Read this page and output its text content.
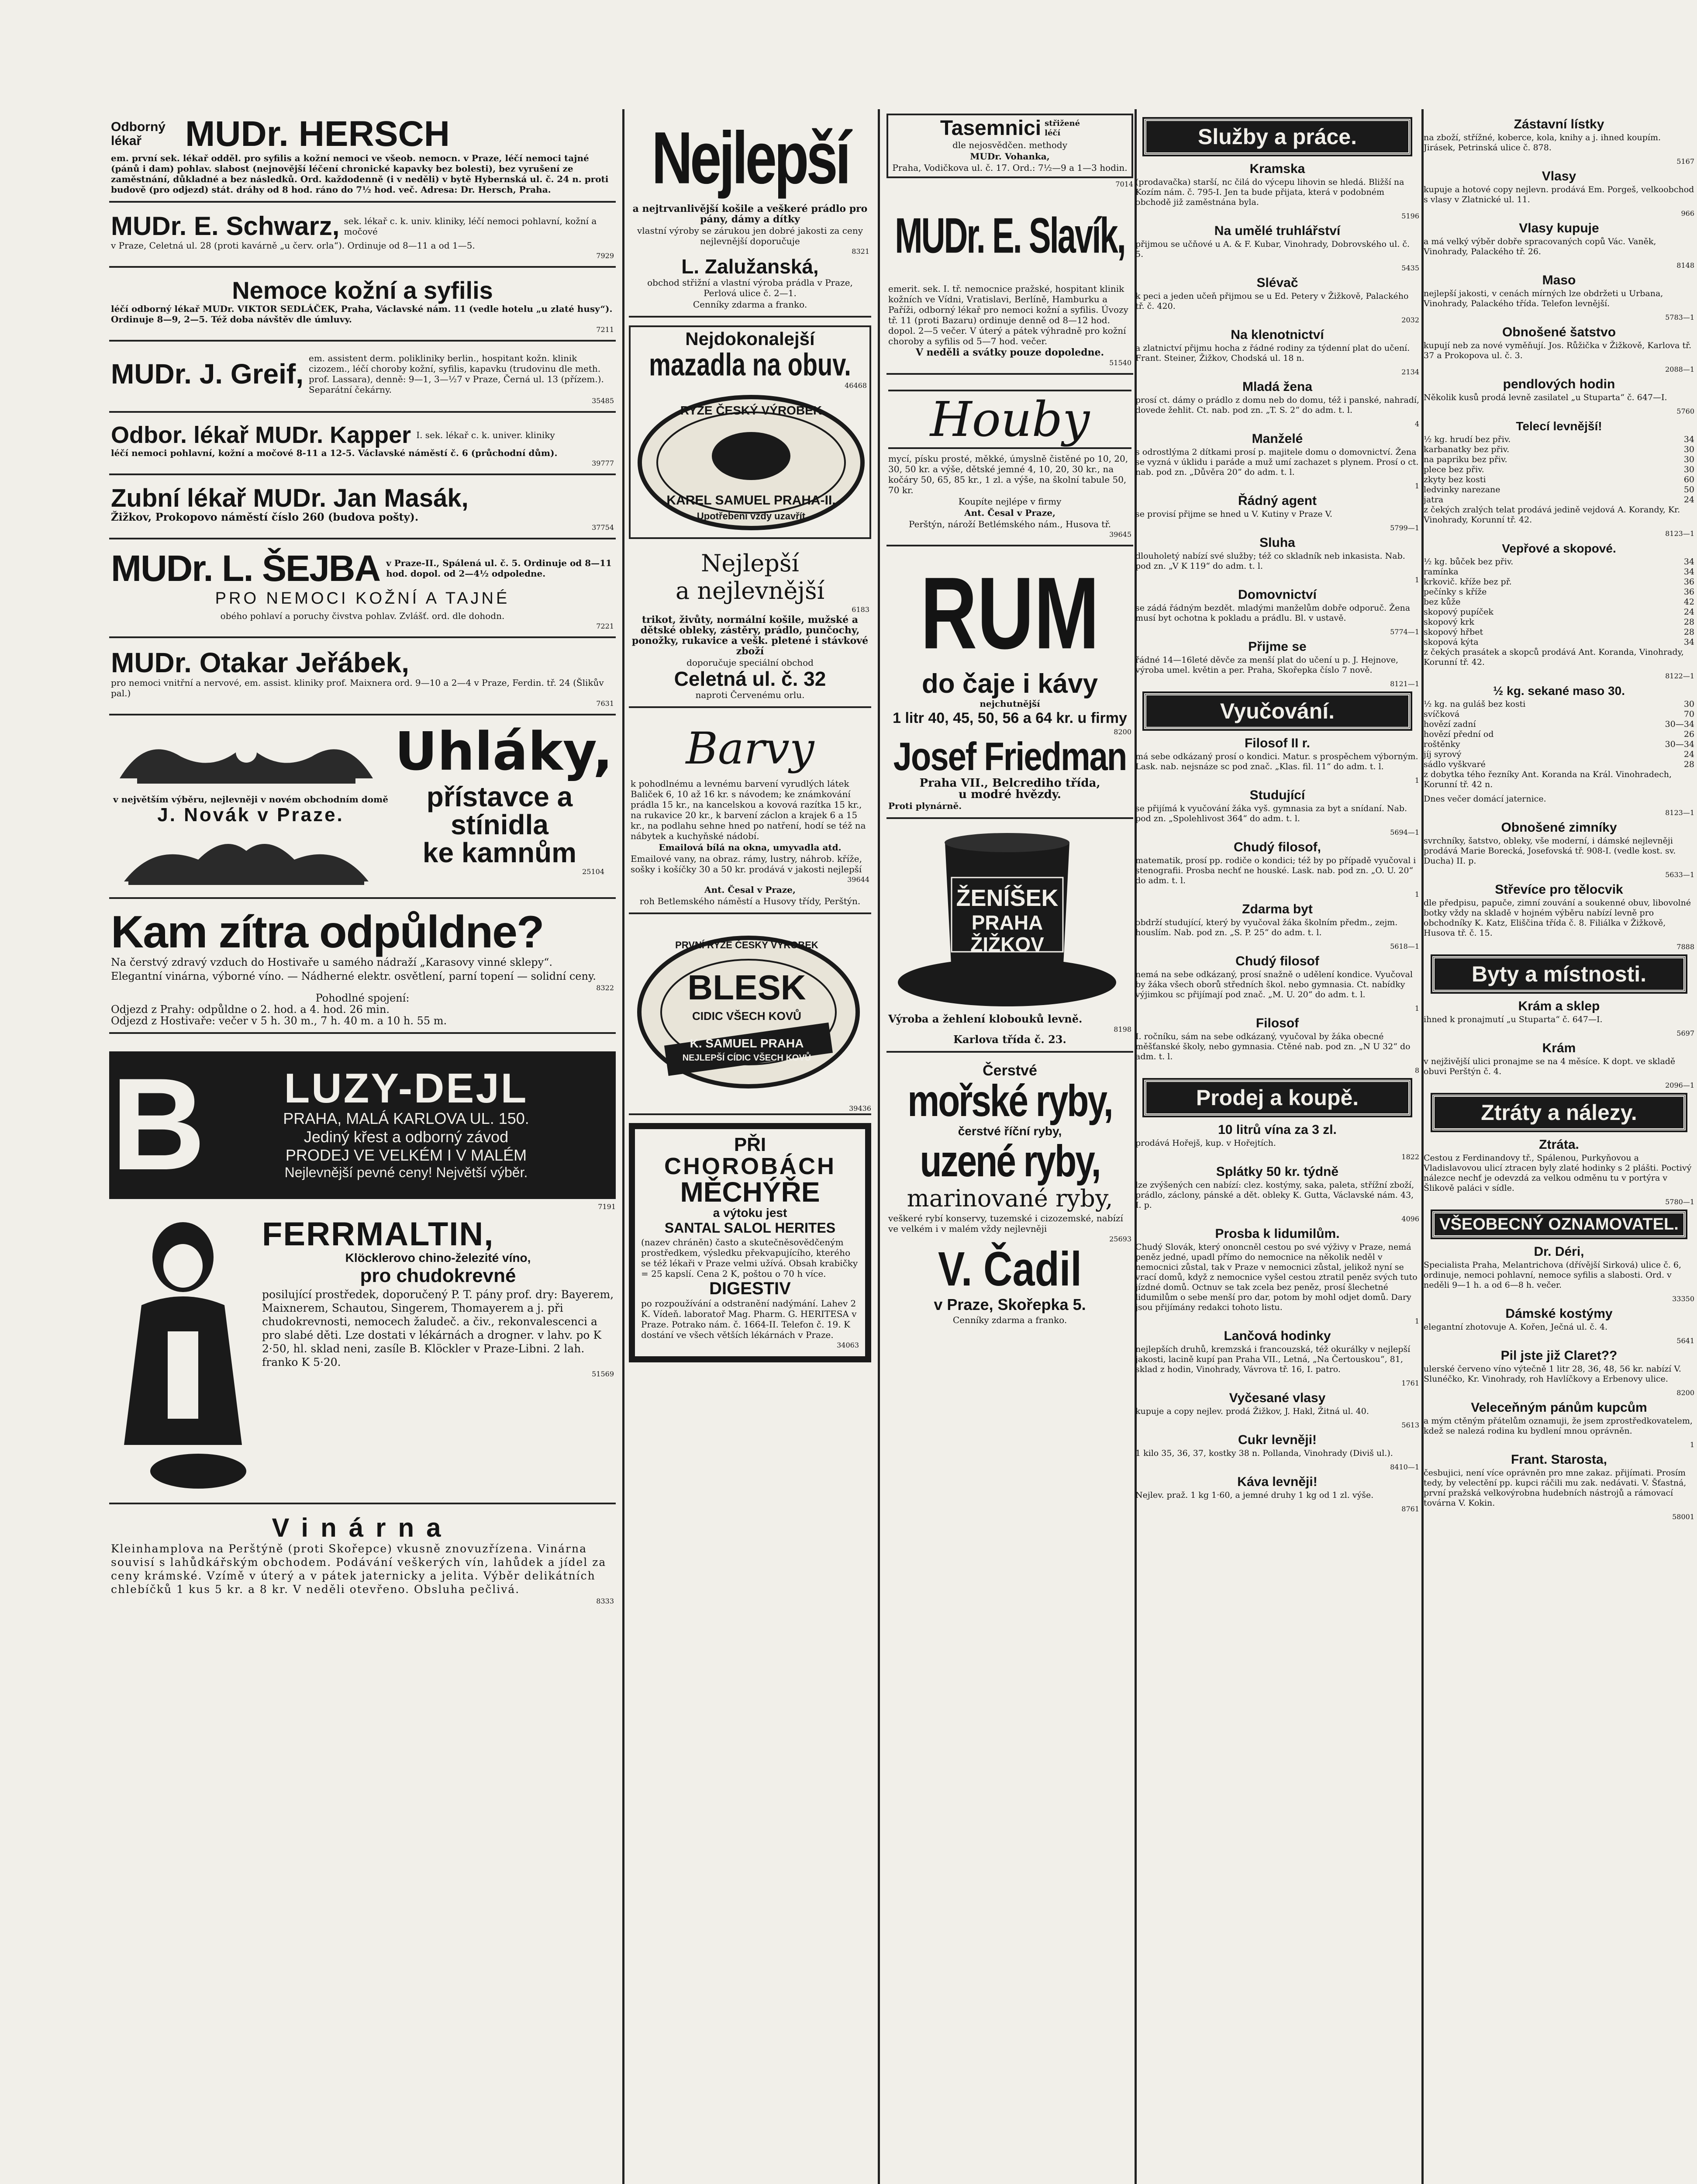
Odborný lékař	MUDr. HERSCH
em. první sek. lékař odděl. pro syfilis a kožní nemoci ve všeob. nemocn. v Praze, léčí nemoci tajné (pánů i dam) pohlav. slabost (nejnovější léčení chronické kapavky bez bolesti), bez vyrušení ze zaměstnání, důkladné a bez následků. Ord. každodenně (i v neděli) v bytě Hybernská ul. č. 24 n. proti budově (pro odjezd) stát. dráhy od 8 hod. ráno do 7½ hod. več. Adresa: Dr. Hersch, Praha.
MUDr. E. Schwarz, sek. lékař c. k. univ. kliniky, léčí nemoci pohlavní, kožní a močové
v Praze, Celetná ul. 28 (proti kavárně „u červ. orla“). Ordinuje od 8—11 a od 1—5.
7929
Nemoce kožní a syfilis
léčí odborný lékař MUDr. VIKTOR SEDLÁČEK, Praha, Václavské nám. 11 (vedle hotelu „u zlaté husy“). Ordinuje 8—9, 2—5. Též doba návštěv dle úmluvy.
7211
MUDr. J. Greif, em. assistent derm. polikliniky berlin., hospitant kožn. klinik cizozem., léčí choroby kožní, syfilis, kapavku (trudovinu dle meth. prof. Lassara), denně: 9—1, 3—½7 v Praze, Černá ul. 13 (přízem.). Separátní čekárny.
35485
Odbor. lékař MUDr. Kapper I. sek. lékař c. k. univer. kliniky
léčí nemoci pohlavní, kožní a močové 8-11 a 12-5. Václavské náměstí č. 6 (průchodní dům).
39777
Zubní lékař MUDr. Jan Masák,
Žižkov, Prokopovo náměstí číslo 260 (budova pošty).
37754
MUDr. L. ŠEJBA v Praze-II., Spálená ul. č. 5. Ordinuje od 8—11 hod. dopol. od 2—4½ odpoledne.
PRO NEMOCI KOŽNÍ A TAJNÉ
obého pohlaví a poruchy čivstva pohlav. Zvlášť. ord. dle dohodn.
7221
MUDr. Otakar Jeřábek,
pro nemoci vnitřní a nervové, em. assist. kliniky prof. Maixnera ord. 9—10 a 2—4 v Praze, Ferdin. tř. 24 (Šlikův pal.)
7631
v největším výběru, nejlevněji v novém obchodním domě
J. Novák v Praze.
Uhláky,
přístavce a
stínidla
ke kamnům
25104
Kam zítra odpůldne?
Na čerstvý zdravý vzduch do Hostivaře u samého nádraží „Karasovy vinné sklepy“.
Elegantní vinárna, výborné víno. — Nádherné elektr. osvětlení, parní topení — solidní ceny.
8322
Pohodlné spojení:
Odjezd z Prahy: odpůldne o 2. hod. a 4. hod. 26 min.
Odjezd z Hostivaře: večer v 5 h. 30 m., 7 h. 40 m. a 10 h. 55 m.
B	LUZY-DEJL
PRAHA, MALÁ KARLOVA UL. 150.
Jediný křest a odborný závod
PRODEJ VE VELKÉM I V MALÉM
Nejlevnější pevné ceny! Největší výběr.
7191
FERRMALTIN,
Klöcklerovo chino-železité víno,
pro chudokrevné
posilující prostředek, doporučený P. T. pány prof. dry: Bayerem, Maixnerem, Schautou, Singerem, Thomayerem a j. při chudokrevnosti, nemocech žaludeč. a čiv., rekonvalescenci a pro slabé děti. Lze dostati v lékárnách a drogner. v lahv. po K 2·50, hl. sklad neni, zasíle B. Klöckler v Praze-Libni. 2 lah. franko K 5·20.
51569
Vinárna
Kleinhamplova na Perštýně (proti Skořepce) vkusně znovuzřízena. Vinárna souvisí s lahůdkářským obchodem. Podávání veškerých vín, lahůdek a jídel za ceny krámské. Vzímě v úterý a v pátek jaternicky a jelita. Výběr delikátních chlebíčků 1 kus 5 kr. a 8 kr. V neděli otevřeno. Obsluha pečlivá.
8333
Nejlepší
a nejtrvanlivější košile a veškeré prádlo pro pány, dámy a dítky
vlastní výroby se zárukou jen dobré jakosti za ceny nejlevnější doporučuje
8321
L. Zalužanská,
obchod střižní a vlastní výroba prádla v Praze, Perlová ulice č. 2—1.
Cenníky zdarma a franko.
Nejdokonalejší
mazadla na obuv.
46468
RYZE ČESKÝ VÝROBEK
KAREL SAMUEL PRAHA-II.
Upotřebení vždy uzavřít
Nejlepší
a nejlevnější
6183
trikot, živůty, normální košile, mužské a dětské obleky, zástěry, prádlo, punčochy, ponožky, rukavice a vešk. pletené i stávkové zboží
doporučuje speciální obchod
Celetná ul. č. 32
naproti Červenému orlu.
Barvy
k pohodlnému a levnému barvení vyrudlých látek Baliček 6, 10 až 16 kr. s návodem; ke známkování prádla 15 kr., na kancelskou a kovová razítka 15 kr., na rukavice 20 kr., k barvení záclon a krajek 6 a 15 kr., na podlahu sehne hned po natření, hodí se též na nábytek a kuchyňské nádobí.
Emailová bílá na okna, umyvadla atd.
Emailové vany, na obraz. rámy, lustry, náhrob. kříže, sošky i košíčky 30 a 50 kr. prodává v jakosti nejlepší
39644
Ant. Česal v Praze,
roh Betlemského náměstí a Husovy třídy, Perštýn.
PRVNÍ RYZE ČESKÝ VÝROBEK
BLESK
CIDIC VŠECH KOVŮ
K. SAMUEL PRAHA
NEJLEPŠÍ CÍDIC VŠECH KOVŮ
39436
PŘI
CHOROBÁCH
MĚCHÝŘE
a výtoku jest
SANTAL SALOL HERITES
(nazev chráněn) často a skutečněsovědčeným prostředkem, výsledku překvapujícího, kterého se též lékaři v Praze velmi užívá. Obsah krabičky = 25 kapslí. Cena 2 K, poštou o 70 h více.
DIGESTIV
po rozpoužívání a odstranění nadýmání. Lahev 2 K. Vídeň. laboratoř Mag. Pharm. G. HERITESA v Praze. Potrako nám. č. 1664-II. Telefon č. 19. K dostání ve všech větších lékárnách v Praze.
34063
Tasemnici střižené léčí
dle nejosvědčen. methody
MUDr. Vohanka,
Praha, Vodičkova ul. č. 17. Ord.: 7½—9 a 1—3 hodin.
7014
MUDr. E. Slavík,
emerit. sek. I. tř. nemocnice pražské, hospitant klinik kožních ve Vídni, Vratislavi, Berlíně, Hamburku a Paříži, odborný lékař pro nemoci kožní a syfilis. Úvozy tř. 11 (proti Bazaru) ordinuje denně od 8—12 hod. dopol. 2—5 večer. V úterý a pátek výhradně pro kožní choroby a syfilis od 5—7 hod. večer.
V neděli a svátky pouze dopoledne.
51540
Houby
mycí, písku prosté, měkké, úmyslně čistěné po 10, 20, 30, 50 kr. a výše, dětské jemné 4, 10, 20, 30 kr., na kočáry 50, 65, 85 kr., 1 zl. a výše, na školní tabule 50, 70 kr.
Koupíte nejlépe v firmy
Ant. Česal v Praze,
Perštýn, nároží Betlémského nám., Husova tř.
39645
RUM
do čaje i kávy
nejchutnější
1 litr 40, 45, 50, 56 a 64 kr. u firmy
8200
Josef Friedman
Praha VII., Belcrediho třída,
u modré hvězdy.
Proti plynárně.
ŽENÍŠEK
PRAHA
ŽIŽKOV
Výroba a žehlení klobouků levně.
8198
Karlova třída č. 23.
Čerstvé
mořské ryby,
čerstvé říční ryby,
uzené ryby,
marinované ryby,
veškeré rybí konservy, tuzemské i cizozemské, nabízí ve velkém i v malém vždy nejlevněji
25693
V. Čadil
v Praze, Skořepka 5.
Cenníky zdarma a franko.
Služby a práce.
Kramska
(prodavačka) starší, nc čilá do výcepu lihovin se hledá. Bližší na Kozím nám. č. 795-I. Jen ta bude přijata, která v podobném obchodě již zaměstnána byla.
5196
Na umělé truhlářství
přijmou se učňové u A. & F. Kubar, Vinohrady, Dobrovského ul. č. 5.
5435
Slévač
k peci a jeden učeň přijmou se u Ed. Petery v Žižkově, Palackého tř. č. 420.
2032
Na klenotnictví
a zlatnictví přijmu hocha z řádné rodiny za týdenní plat do učení. Frant. Steiner, Žižkov, Chodská ul. 18 n.
2134
Mladá žena
prosí ct. dámy o prádlo z domu neb do domu, též i panské, nahradí, dovede žehlit. Ct. nab. pod zn. „T. S. 2“ do adm. t. l.
4
Manželé
s odrostlýma 2 dítkami prosí p. majitele domu o domovnictví. Žena se vyzná v úklidu i paráde a muž umí zachazet s plynem. Prosí o ct. nab. pod zn. „Důvěra 20“ do adm. t. l.
1
Řádný agent
se provisí přijme se hned u V. Kutiny v Praze V.
5799—1
Sluha
dlouholetý nabízí své služby; též co skladník neb inkasista. Nab. pod zn. „V K 119“ do adm. t. l.
1
Domovnictví
se zádá řádným bezdět. mladými manželům dobře odporuč. Žena musí byt ochotna k pokladu a prádlu. Bl. v ustavě.
5774—1
Přijme se
řádné 14—16leté děvče za menší plat do učení u p. J. Hejnove, výroba umel. květin a per. Praha, Skořepka číslo 7 nově.
8121—1
Vyučování.
Filosof II r.
má sebe odkázaný prosí o kondici. Matur. s prospěchem výborným. Lask. nab. nejsnáze sc pod znač. „Klas. fil. 11“ do adm. t. l.
1
Studující
se přijímá k vyučování žáka vyš. gymnasia za byt a snídaní. Nab. pod zn. „Spolehlivost 364“ do adm. t. l.
5694—1
Chudý filosof,
matematik, prosí pp. rodiče o kondici; též by po případě vyučoval i stenografii. Prosba nechť ne houské. Lask. nab. pod zn. „O. U. 20“ do adm. t. l.
1
Zdarma byt
obdrží studující, který by vyučoval žáka školním předm., zejm. houslím. Nab. pod zn. „S. P. 25“ do adm. t. l.
5618—1
Chudý filosof
nemá na sebe odkázaný, prosí snažně o udělení kondice. Vyučoval by žáka všech oborů středních škol. nebo gymnasia. Ct. nabídky výjimkou sc přijímají pod znač. „M. U. 20“ do adm. t. l.
1
Filosof
I. ročníku, sám na sebe odkázaný, vyučoval by žáka obecné měšťanské školy, nebo gymnasia. Ctěné nab. pod zn. „N U 32“ do adm. t. l.
8
Prodej a koupě.
10 litrů vína za 3 zl.
prodává Hořejš, kup. v Hořejtích.
1822
Splátky 50 kr. týdně
lze zvýšených cen nabízí: clez. kostýmy, saka, paleta, střížní zboží, prádlo, záclony, pánské a dět. obleky K. Gutta, Václavské nám. 43, I. p.
4096
Prosba k lidumilům.
Chudý Slovák, který ononcněl cestou po své výživy v Praze, nemá peněz jedné, upadl přímo do nemocnice na několik neděl v nemocnici zůstal, tak v Praze v nemocnici zůstal, jelikož nyní se vrací domů, když z nemocnice vyšel cestou ztratil peněz svých tuto jízdné domů. Octnuv se tak zcela bez peněz, prosí šlechetné lidumilům o sebe menší pro dar, potom by mohl odjet domů. Dary jsou přijímány redakci tohoto listu.
1
Lančová hodinky
nejlepších druhů, kremzská i francouzská, též okurálky v nejlepší jakosti, lacině kupí pan Praha VII., Letná, „Na Čertouskou“, 81, sklad z hodin, Vinohrady, Vávrova tř. 16, I. patro.
1761
Vyčesané vlasy
kupuje a copy nejlev. prodá Žižkov, J. Hakl, Žitná ul. 40.
5613
Cukr levněji!
1 kilo 35, 36, 37, kostky 38 n. Pollanda, Vinohrady (Diviš ul.).
8410—1
Káva levněji!
Nejlev. praž. 1 kg 1·60, a jemné druhy 1 kg od 1 zl. výše.
8761
Zástavní lístky
na zboží, střížné, koberce, kola, knihy a j. ihned koupím. Jirásek, Petrinská ulice č. 878.
5167
Vlasy
kupuje a hotové copy nejlevn. prodává Em. Porgeš, velkoobchod s vlasy v Zlatnické ul. 11.
966
Vlasy kupuje
a má velký výběr dobře spracovaných copů Vác. Vaněk, Vinohrady, Palackého tř. 26.
8148
Maso
nejlepší jakosti, v cenách mírných lze obdržeti u Urbana, Vinohrady, Palackého třída. Telefon levnější.
5783—1
Obnošené šatstvo
kupují neb za nové vyměňují. Jos. Růžička v Žižkově, Karlova tř. 37 a Prokopova ul. č. 3.
2088—1
pendlových hodin
Několik kusů prodá levně zasilatel „u Stuparta“ č. 647—I.
5760
Telecí levnější!
½ kg. hrudí bez přiv.	34
karbanatky bez přiv.	30
na papriku bez přiv.	30
plece bez přiv.	30
zkyty bez kosti	60
ledvinky narezane	50
jatra	24
z čekých zralých telat prodává jedině vejdová A. Korandy, Kr. Vinohrady, Korunní tř. 42.
8123—1
Vepřové a skopové.
½ kg. bůček bez přiv.	34
ramínka	34
krkovič. kříže bez př.	36
pečínky s kříže	36
bez kůže	42
skopový pupíček	24
skopový krk	28
skopový hřbet	28
skopová kýta	34
z čekých prasátek a skopců prodává Ant. Koranda, Vinohrady, Korunní tř. 42.
8122—1
½ kg. sekané maso 30.
½ kg. na guláš bez kosti	30
svíčková	70
hovězí zadní	30—34
hovězí přední od	26
roštěnky	30—34
jíj syrový	24
sádlo vyškvaré	28
z dobytka tého řezníky Ant. Koranda na Král. Vinohradech, Korunní tř. 42 n.
Dnes večer domácí jaternice.
8123—1
Obnošené zimníky
svrchníky, šatstvo, obleky, vše moderní, i dámské nejlevněji prodává Marie Borecká, Josefovská tř. 908-I. (vedle kost. sv. Ducha) II. p.
5633—1
Střevíce pro tělocvik
dle předpisu, papuče, zimní zouvání a soukenné obuv, libovolné botky vždy na skladě v hojném výběru nabízí levně pro obchodníky K. Katz, Eliščina třída č. 8. Filiálka v Žižkově, Husova tř. č. 15.
7888
Byty a místnosti.
Krám a sklep
ihned k pronajmutí „u Stuparta“ č. 647—I.
5697
Krám
v nejživější ulici pronajme se na 4 měsíce. K dopt. ve skladě obuvi Perštýn č. 4.
2096—1
Ztráty a nálezy.
Ztráta.
Cestou z Ferdinandovy tř., Spálenou, Purkyňovou a Vladislavovou ulicí ztracen byly zlaté hodinky s 2 plášti. Poctivý nálezce nechť je odevzdá za velkou odměnu tu v portýra v Šlikově paláci v sídle.
5780—1
VŠEOBECNÝ OZNAMOVATEL.
Dr. Déri,
Specialista Praha, Melantrichova (dřívější Sirková) ulice č. 6, ordinuje, nemoci pohlavní, nemoce syfilis a slabosti. Ord. v neděli 9—1 h. a od 6—8 h. večer.
33350
Dámské kostýmy
elegantní zhotovuje A. Kořen, Ječná ul. č. 4.
5641
Pil jste již Claret??
ulerské červeno víno výtečně 1 litr 28, 36, 48, 56 kr. nabízí V. Slunéčko, Kr. Vinohrady, roh Havlíčkovy a Erbenovy ulice.
8200
Veleceňným pánům kupcům
a mým ctěným přátelům oznamuji, že jsem zprostředkovatelem, kdež se nalezá rodina ku bydlení mnou oprávněn.
1
Frant. Starosta,
česbujici, není více oprávněn pro mne zakaz. přijímati. Prosím tedy, by velectění pp. kupci ráčili mu zak. nedávati. V. Šťastná, první pražská velkovýrobna hudebních nástrojů a rámovací továrna V. Kokin.
58001
